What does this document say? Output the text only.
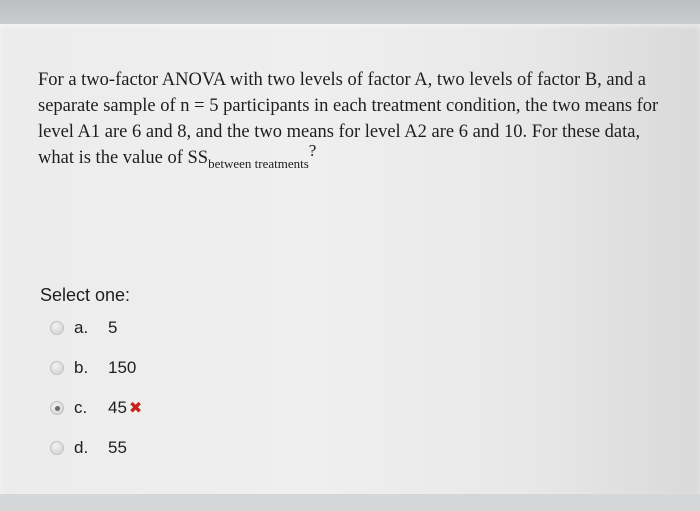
For a two-factor ANOVA with two levels of factor A, two levels of factor B, and a separate sample of n = 5 participants in each treatment condition, the two means for level A1 are 6 and 8, and the two means for level A2 are 6 and 10. For these data, what is the value of $SS_{between treatments}$?

Select one:
a.	5
b.	150
c.	45 ✖
d.	55
